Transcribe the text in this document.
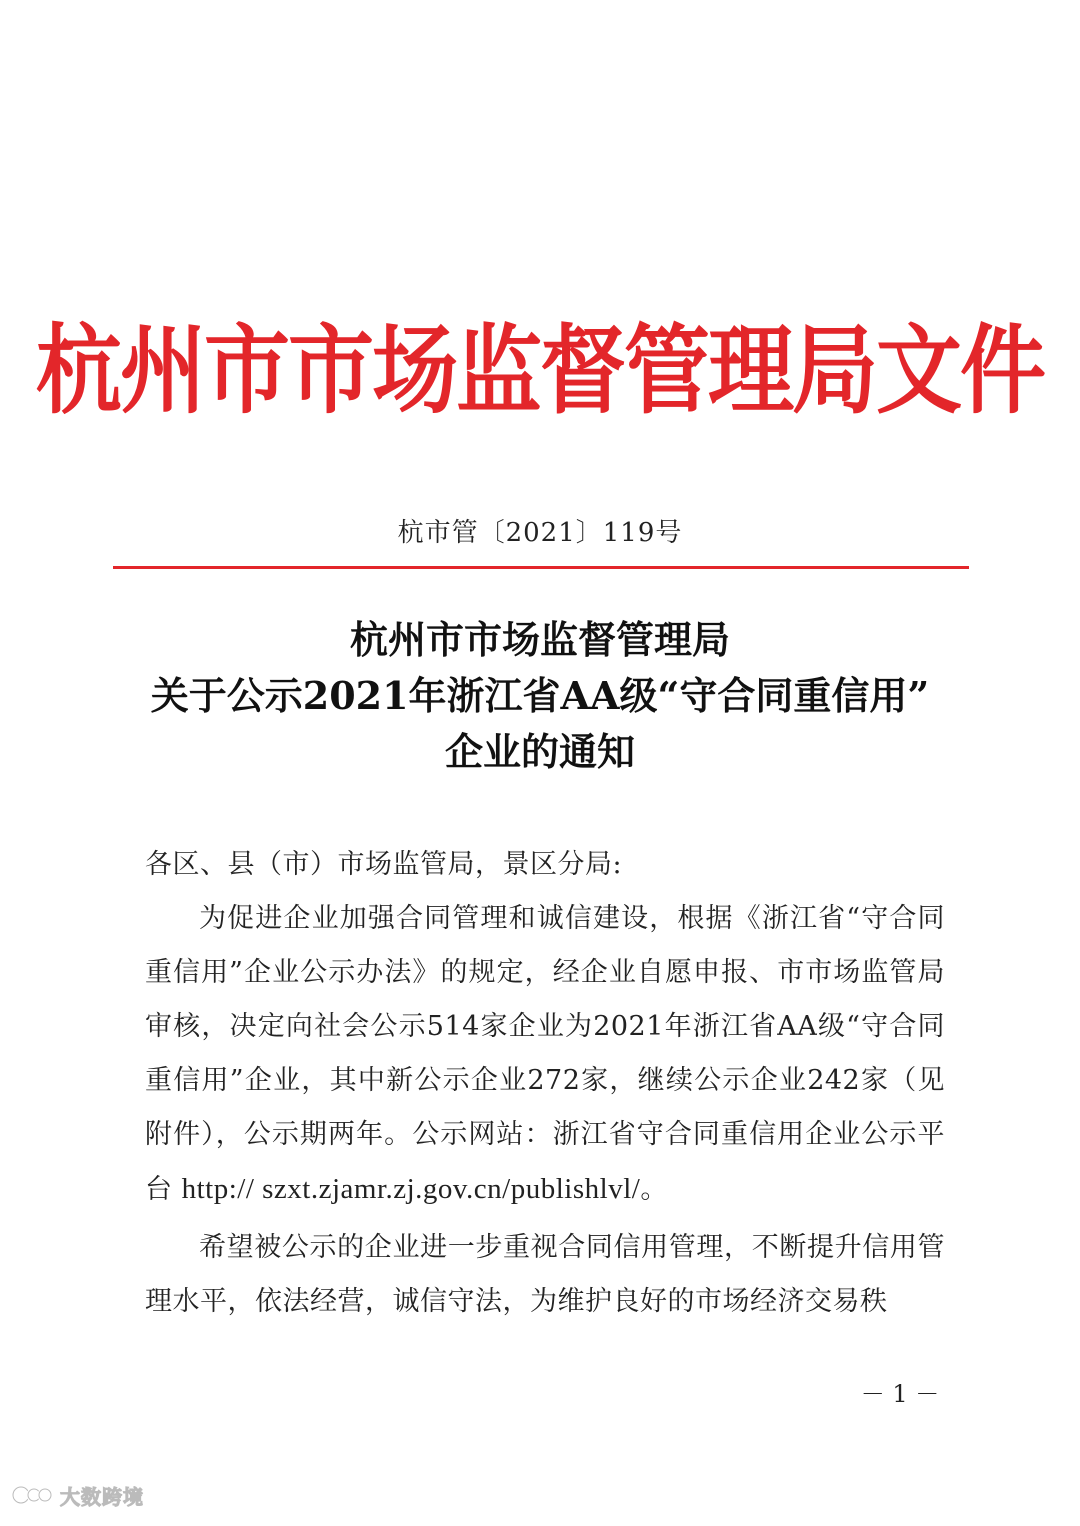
杭州市市场监督管理局文件
杭市管〔2021〕119号
杭州市市场监督管理局
关于公示2021年浙江省AA级“守合同重信用”
企业的通知

各区、县（市）市场监管局，景区分局:

为促进企业加强合同管理和诚信建设，根据《浙江省“守合同重信用”企业公示办法》的规定，经企业自愿申报、市市场监管局审核，决定向社会公示514家企业为2021年浙江省AA级“守合同重信用”企业，其中新公示企业272家，继续公示企业242家（见附件），公示期两年。公示网站：浙江省守合同重信用企业公示平台 http:// szxt.zjamr.zj.gov.cn/publishlvl/。

希望被公示的企业进一步重视合同信用管理，不断提升信用管理水平，依法经营，诚信守法，为维护良好的市场经济交易秩

－ 1 －
大数跨境
